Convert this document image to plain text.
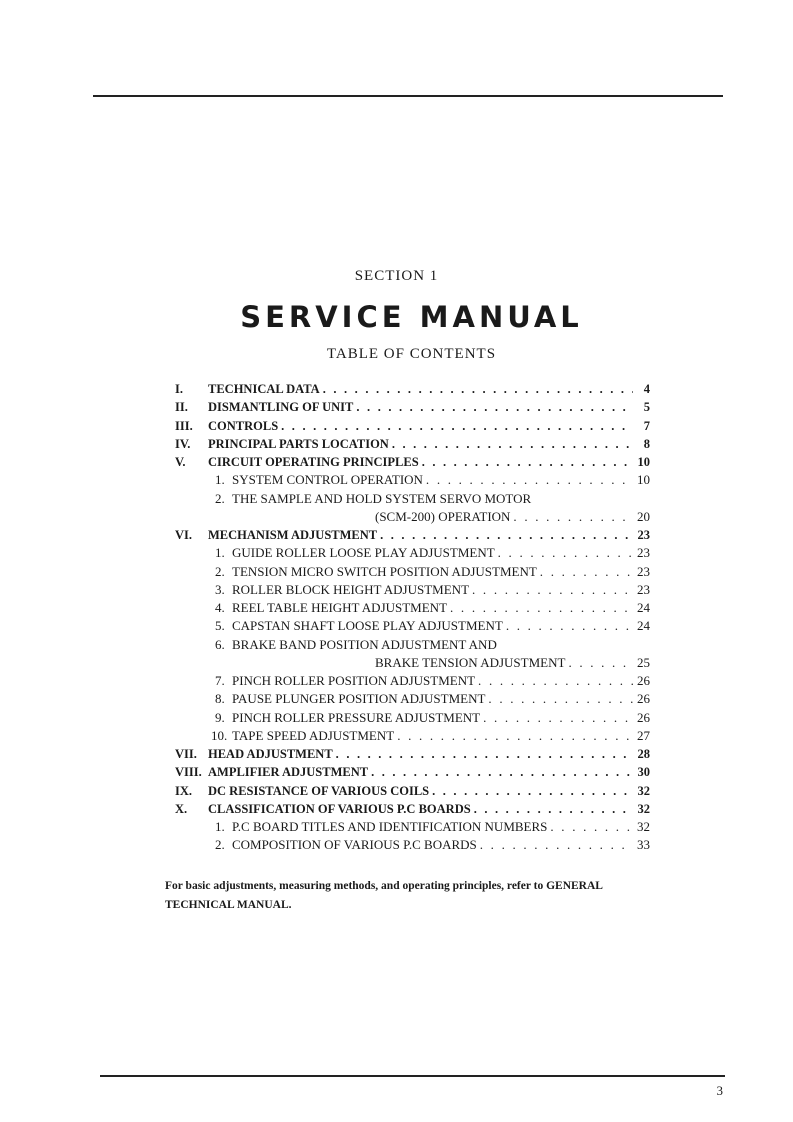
SECTION 1
SERVICE MANUAL
TABLE OF CONTENTS
I. TECHNICAL DATA . . .	4
II. DISMANTLING OF UNIT . . .	5
III. CONTROLS . . .	7
IV. PRINCIPAL PARTS LOCATION . . .	8
V. CIRCUIT OPERATING PRINCIPLES . . .	10
1. SYSTEM CONTROL OPERATION . . .	10
2. THE SAMPLE AND HOLD SYSTEM SERVO MOTOR
(SCM-200) OPERATION . . .	20
VI. MECHANISM ADJUSTMENT . . .	23
1. GUIDE ROLLER LOOSE PLAY ADJUSTMENT . . .	23
2. TENSION MICRO SWITCH POSITION ADJUSTMENT . . .	23
3. ROLLER BLOCK HEIGHT ADJUSTMENT . . .	23
4. REEL TABLE HEIGHT ADJUSTMENT . . .	24
5. CAPSTAN SHAFT LOOSE PLAY ADJUSTMENT . . .	24
6. BRAKE BAND POSITION ADJUSTMENT AND
BRAKE TENSION ADJUSTMENT . . .	25
7. PINCH ROLLER POSITION ADJUSTMENT . . .	26
8. PAUSE PLUNGER POSITION ADJUSTMENT . . .	26
9. PINCH ROLLER PRESSURE ADJUSTMENT . . .	26
10. TAPE SPEED ADJUSTMENT . . .	27
VII. HEAD ADJUSTMENT . . .	28
VIII. AMPLIFIER ADJUSTMENT . . .	30
IX. DC RESISTANCE OF VARIOUS COILS . . .	32
X. CLASSIFICATION OF VARIOUS P.C BOARDS . . .	32
1. P.C BOARD TITLES AND IDENTIFICATION NUMBERS . . .	32
2. COMPOSITION OF VARIOUS P.C BOARDS . . .	33
For basic adjustments, measuring methods, and operating principles, refer to GENERAL TECHNICAL MANUAL.
3
